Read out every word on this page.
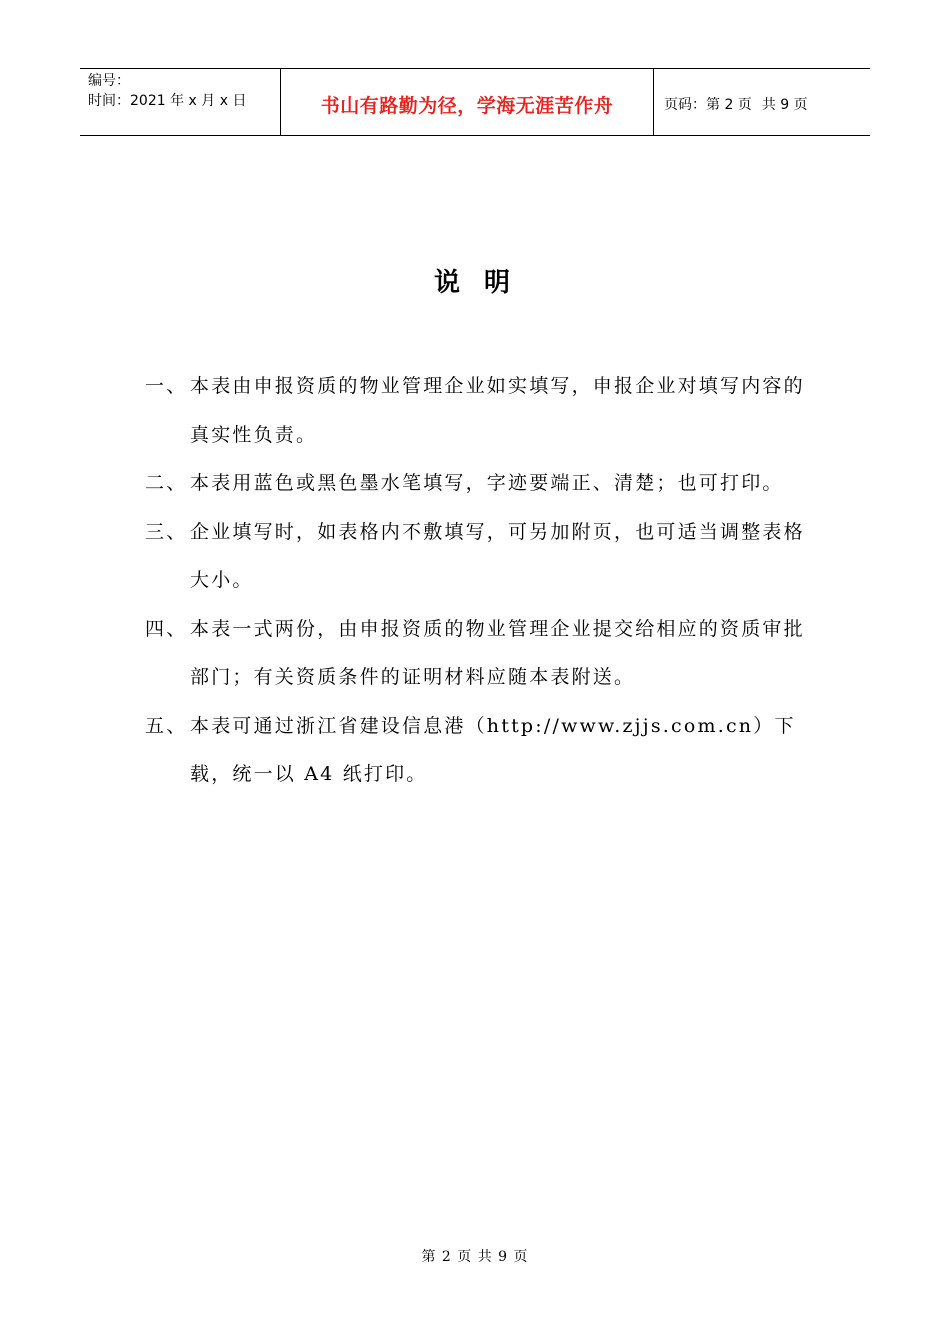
编号：
时间：2021 年 x 月 x 日	书山有路勤为径，学海无涯苦作舟	页码：第 2 页 共 9 页
说明
一、 本表由申报资质的物业管理企业如实填写，申报企业对填写内容的真实性负责。
二、 本表用蓝色或黑色墨水笔填写，字迹要端正、清楚；也可打印。
三、 企业填写时，如表格内不敷填写，可另加附页，也可适当调整表格大小。
四、 本表一式两份，由申报资质的物业管理企业提交给相应的资质审批部门；有关资质条件的证明材料应随本表附送。
五、 本表可通过浙江省建设信息港（http://www.zjjs.com.cn）下载，统一以 A4 纸打印。
第 2 页 共 9 页
